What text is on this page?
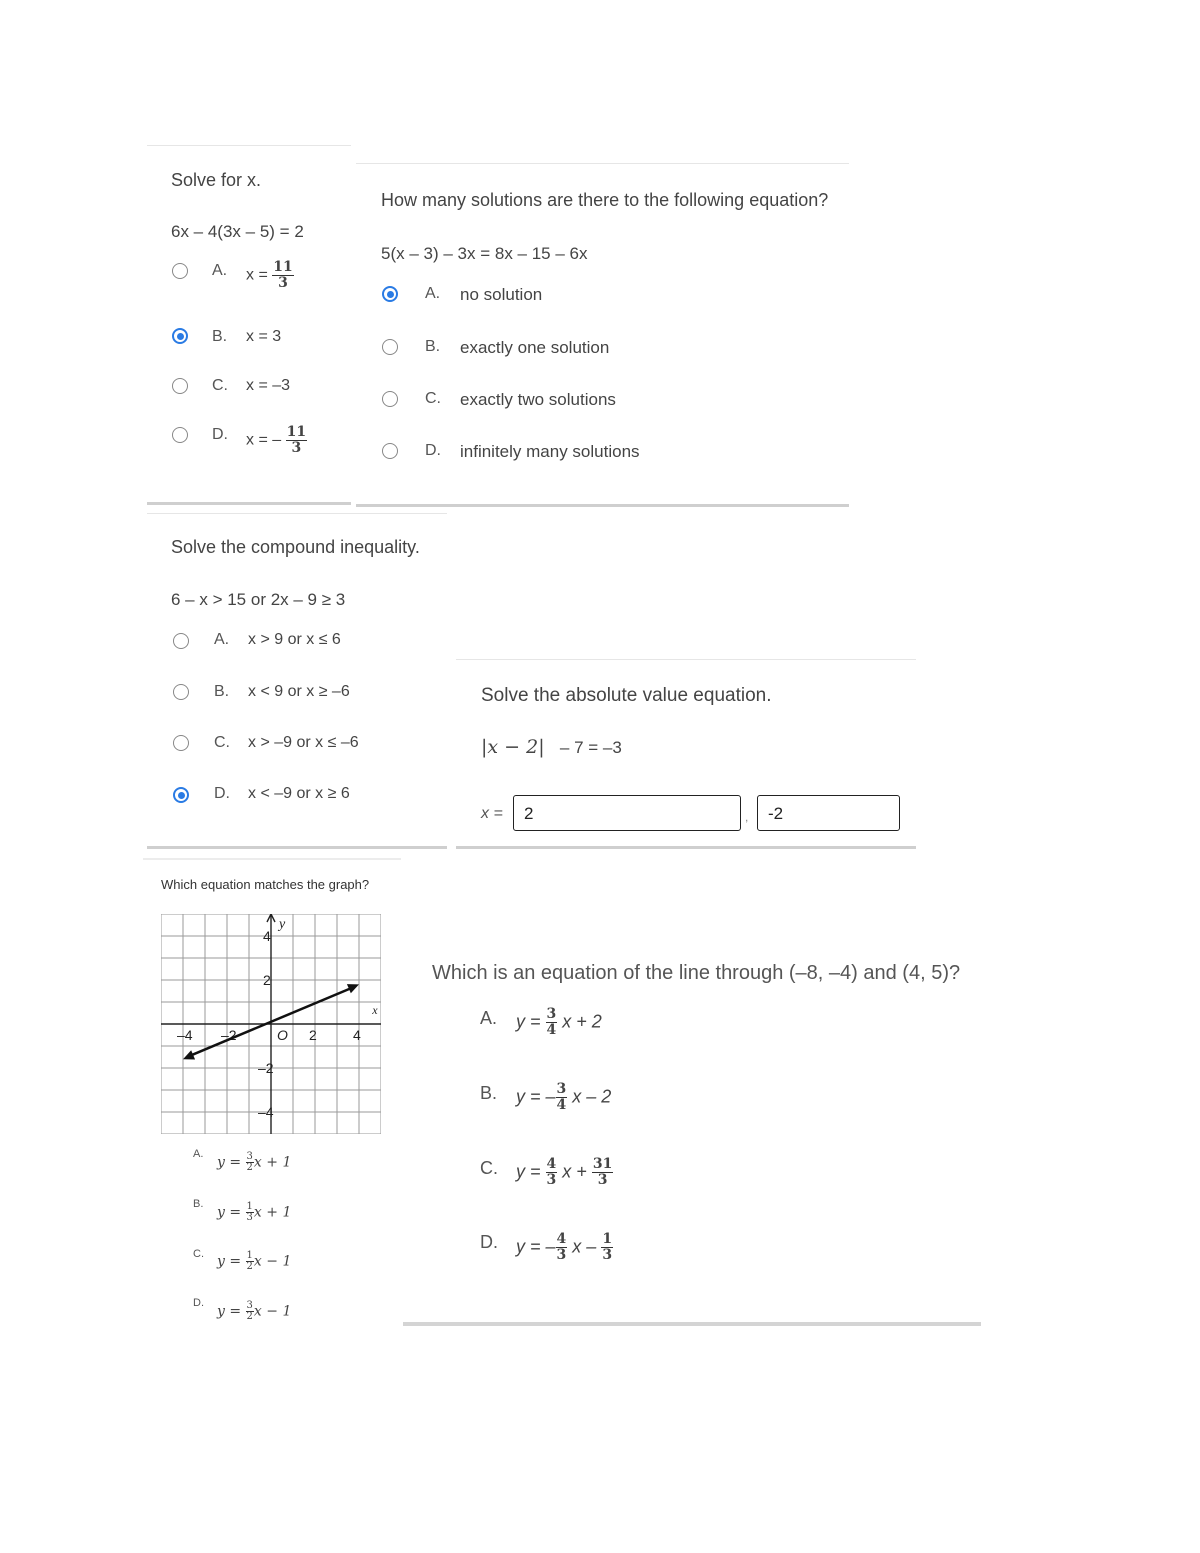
Solve for x.
6x – 4(3x – 5) = 2
A. $x = \frac{11}{3}$
B. x = 3
C. x = –3
D. x = – $\frac{11}{3}$
How many solutions are there to the following equation?
5(x – 3) – 3x = 8x – 15 – 6x
A. no solution
B. exactly one solution
C. exactly two solutions
D. infinitely many solutions
Solve the compound inequality.
6 – x > 15 or 2x – 9 ≥ 3
A. x > 9 or x ≤ 6
B. x < 9 or x ≥ –6
C. x > –9 or x ≤ –6
D. x < –9 or x ≥ 6
Solve the absolute value equation.
|x − 2| – 7 = –3
x =	2	,	-2
Which equation matches the graph?
–4 –2	O 2	4
4
2
–2
–4
x
y
A.
$y = \frac{3}{2}$ x + 1
B.
$y = \frac{1}{3}$ x + 1
C. $y = \frac{1}{2}$ x − 1
D.
$y = \frac{3}{2}$ x − 1
Which is an equation of the line through (–8, –4) and (4, 5)?
A. $y = \frac{3}{4}$ x + 2
B. y = – $\frac{3}{4}$ x – 2
C. $y = \frac{4}{3}$ $x + \frac{31}{3}$
D. y = – $\frac{4}{3}$ x – $\frac{1}{3}$
